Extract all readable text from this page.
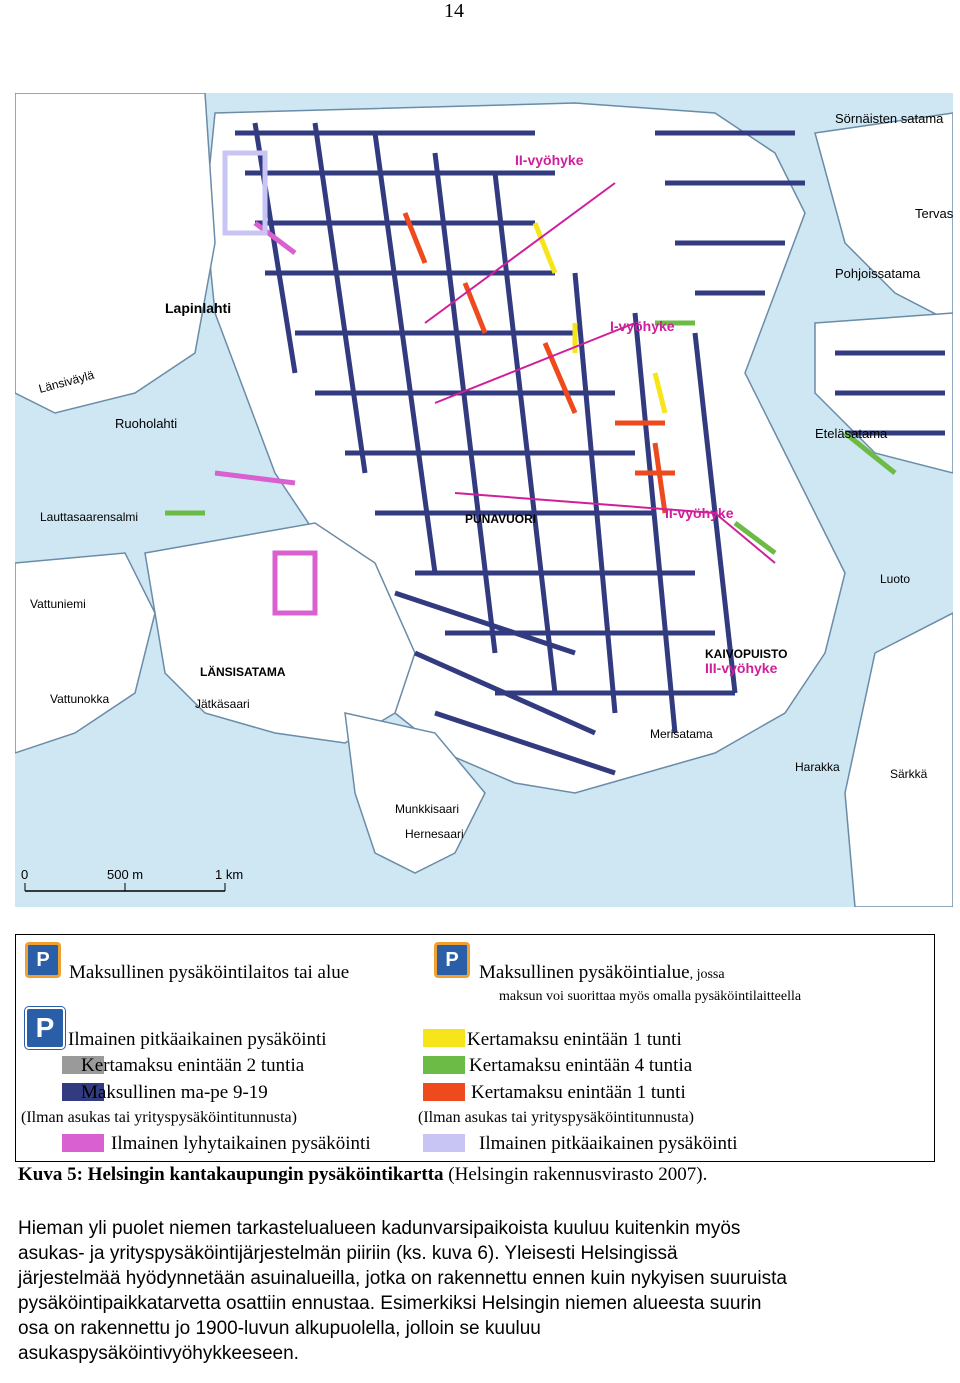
14
II-vyöhyke
I-vyöhyke
II-vyöhyke
III-vyöhyke
Lapinlahti
LÄNSISATAMA
PUNAVUORI
KAIVOPUISTO
Ruoholahti
Eteläsatama
Pohjoissatama
Sörnäisten satama
Tervas
Jätkäsaari
Munkkisaari
Hernesaari
Vattuniemi
Vattunokka
Harakka	Särkkä
Lauttasaarensalmi
Länsiväylä
Luoto
Merisatama
0	500 m	1 km
P
Maksullinen pysäköintilaitos tai alue
P
Maksullinen pysäköintialue, jossa
maksun voi suorittaa myös omalla pysäköintilaitteella
P Ilmainen pitkäaikainen pysäköinti
Kertamaksu enintään 2 tuntia
Maksullinen ma-pe 9-19
(Ilman asukas tai yrityspysäköintitunnusta)
Ilmainen lyhytaikainen pysäköinti
Kertamaksu enintään 1 tunti
Kertamaksu enintään 4 tuntia
Kertamaksu enintään 1 tunti
(Ilman asukas tai yrityspysäköintitunnusta)
Ilmainen pitkäaikainen pysäköinti
Kuva 5: Helsingin kantakaupungin pysäköintikartta (Helsingin rakennusvirasto 2007).
Hieman yli puolet niemen tarkastelualueen kadunvarsipaikoista kuuluu kuitenkin myös
asukas- ja yrityspysäköintijärjestelmän piiriin (ks. kuva 6). Yleisesti Helsingissä
järjestelmää hyödynnetään asuinalueilla, jotka on rakennettu ennen kuin nykyisen suuruista
pysäköintipaikkatarvetta osattiin ennustaa. Esimerkiksi Helsingin niemen alueesta suurin
osa on rakennettu jo 1900-luvun alkupuolella, jolloin se kuuluu
asukaspysäköintivyöhykkeeseen.
